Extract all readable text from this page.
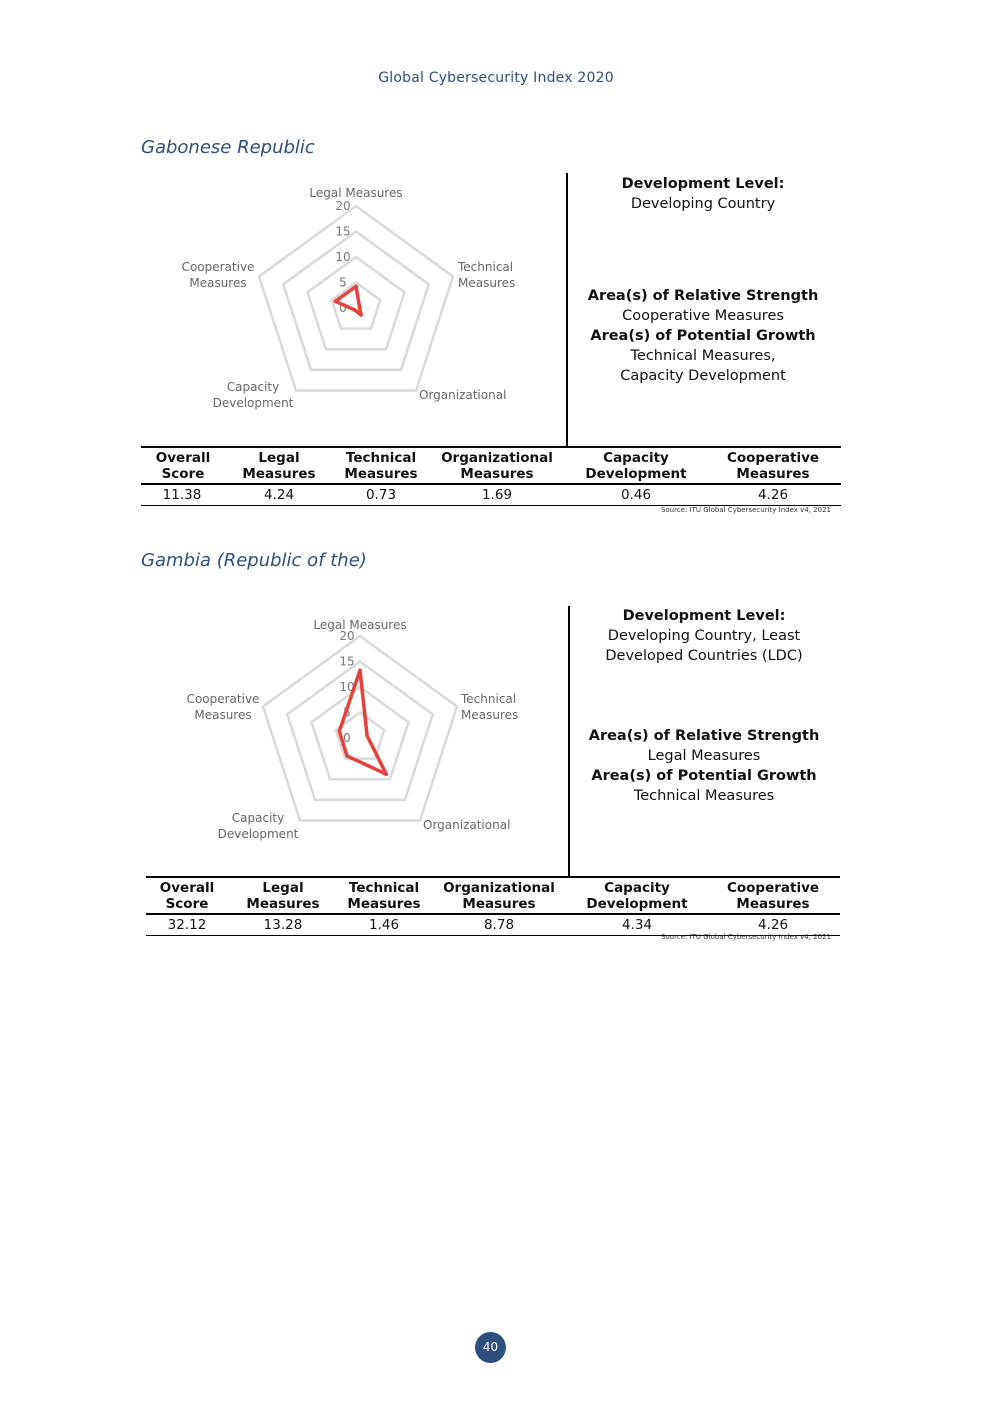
Global Cybersecurity Index 2020
Gabonese Republic
Legal Measures
Technical Measures
Organizational
Capacity Development
Cooperative Measures
0
5
10
15
20
Development Level:
Developing Country
Area(s) of Relative Strength
Cooperative Measures
Area(s) of Potential Growth
Technical Measures, Capacity Development
Overall Score	Legal Measures	Technical Measures	Organizational Measures	Capacity Development	Cooperative Measures
11.38	4.24	0.73	1.69	0.46	4.26
Source: ITU Global Cybersecurity Index v4, 2021
Gambia (Republic of the)
Legal Measures
Technical Measures
Organizational
Capacity Development
Cooperative Measures
0
5
10
15
20
Development Level:
Developing Country, Least Developed Countries (LDC)
Area(s) of Relative Strength
Legal Measures
Area(s) of Potential Growth
Technical Measures
Overall Score	Legal Measures	Technical Measures	Organizational Measures	Capacity Development	Cooperative Measures
32.12	13.28	1.46	8.78	4.34	4.26
Source: ITU Global Cybersecurity Index v4, 2021
40
